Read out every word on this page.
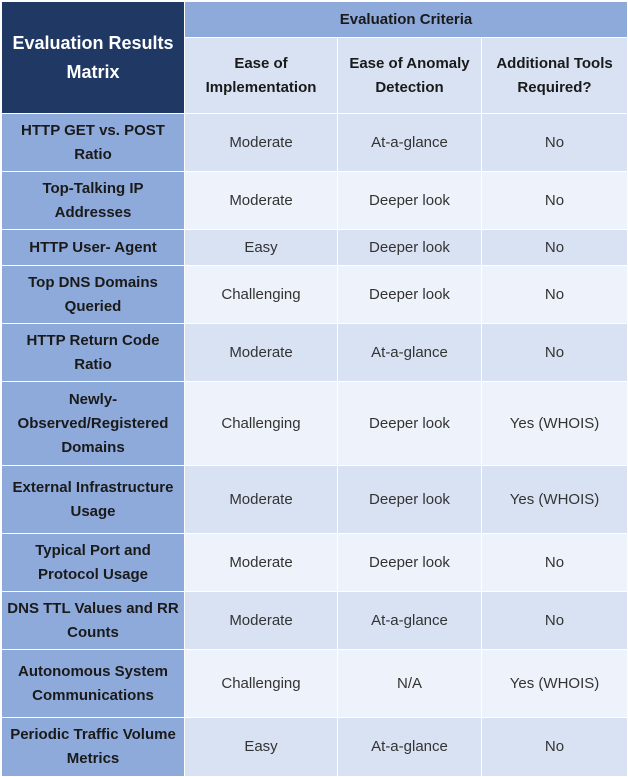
Evaluation Results Matrix	Evaluation Criteria		
	Ease of Implementation	Ease of Anomaly Detection	Additional Tools Required?
HTTP GET vs. POST Ratio	Moderate	At-a-glance	No
Top-Talking IP Addresses	Moderate	Deeper look	No
HTTP User- Agent	Easy	Deeper look	No
Top DNS Domains Queried	Challenging	Deeper look	No
HTTP Return Code Ratio	Moderate	At-a-glance	No
Newly-Observed/Registered Domains	Challenging	Deeper look	Yes (WHOIS)
External Infrastructure Usage	Moderate	Deeper look	Yes (WHOIS)
Typical Port and Protocol Usage	Moderate	Deeper look	No
DNS TTL Values and RR Counts	Moderate	At-a-glance	No
Autonomous System Communications	Challenging	N/A	Yes (WHOIS)
Periodic Traffic Volume Metrics	Easy	At-a-glance	No
